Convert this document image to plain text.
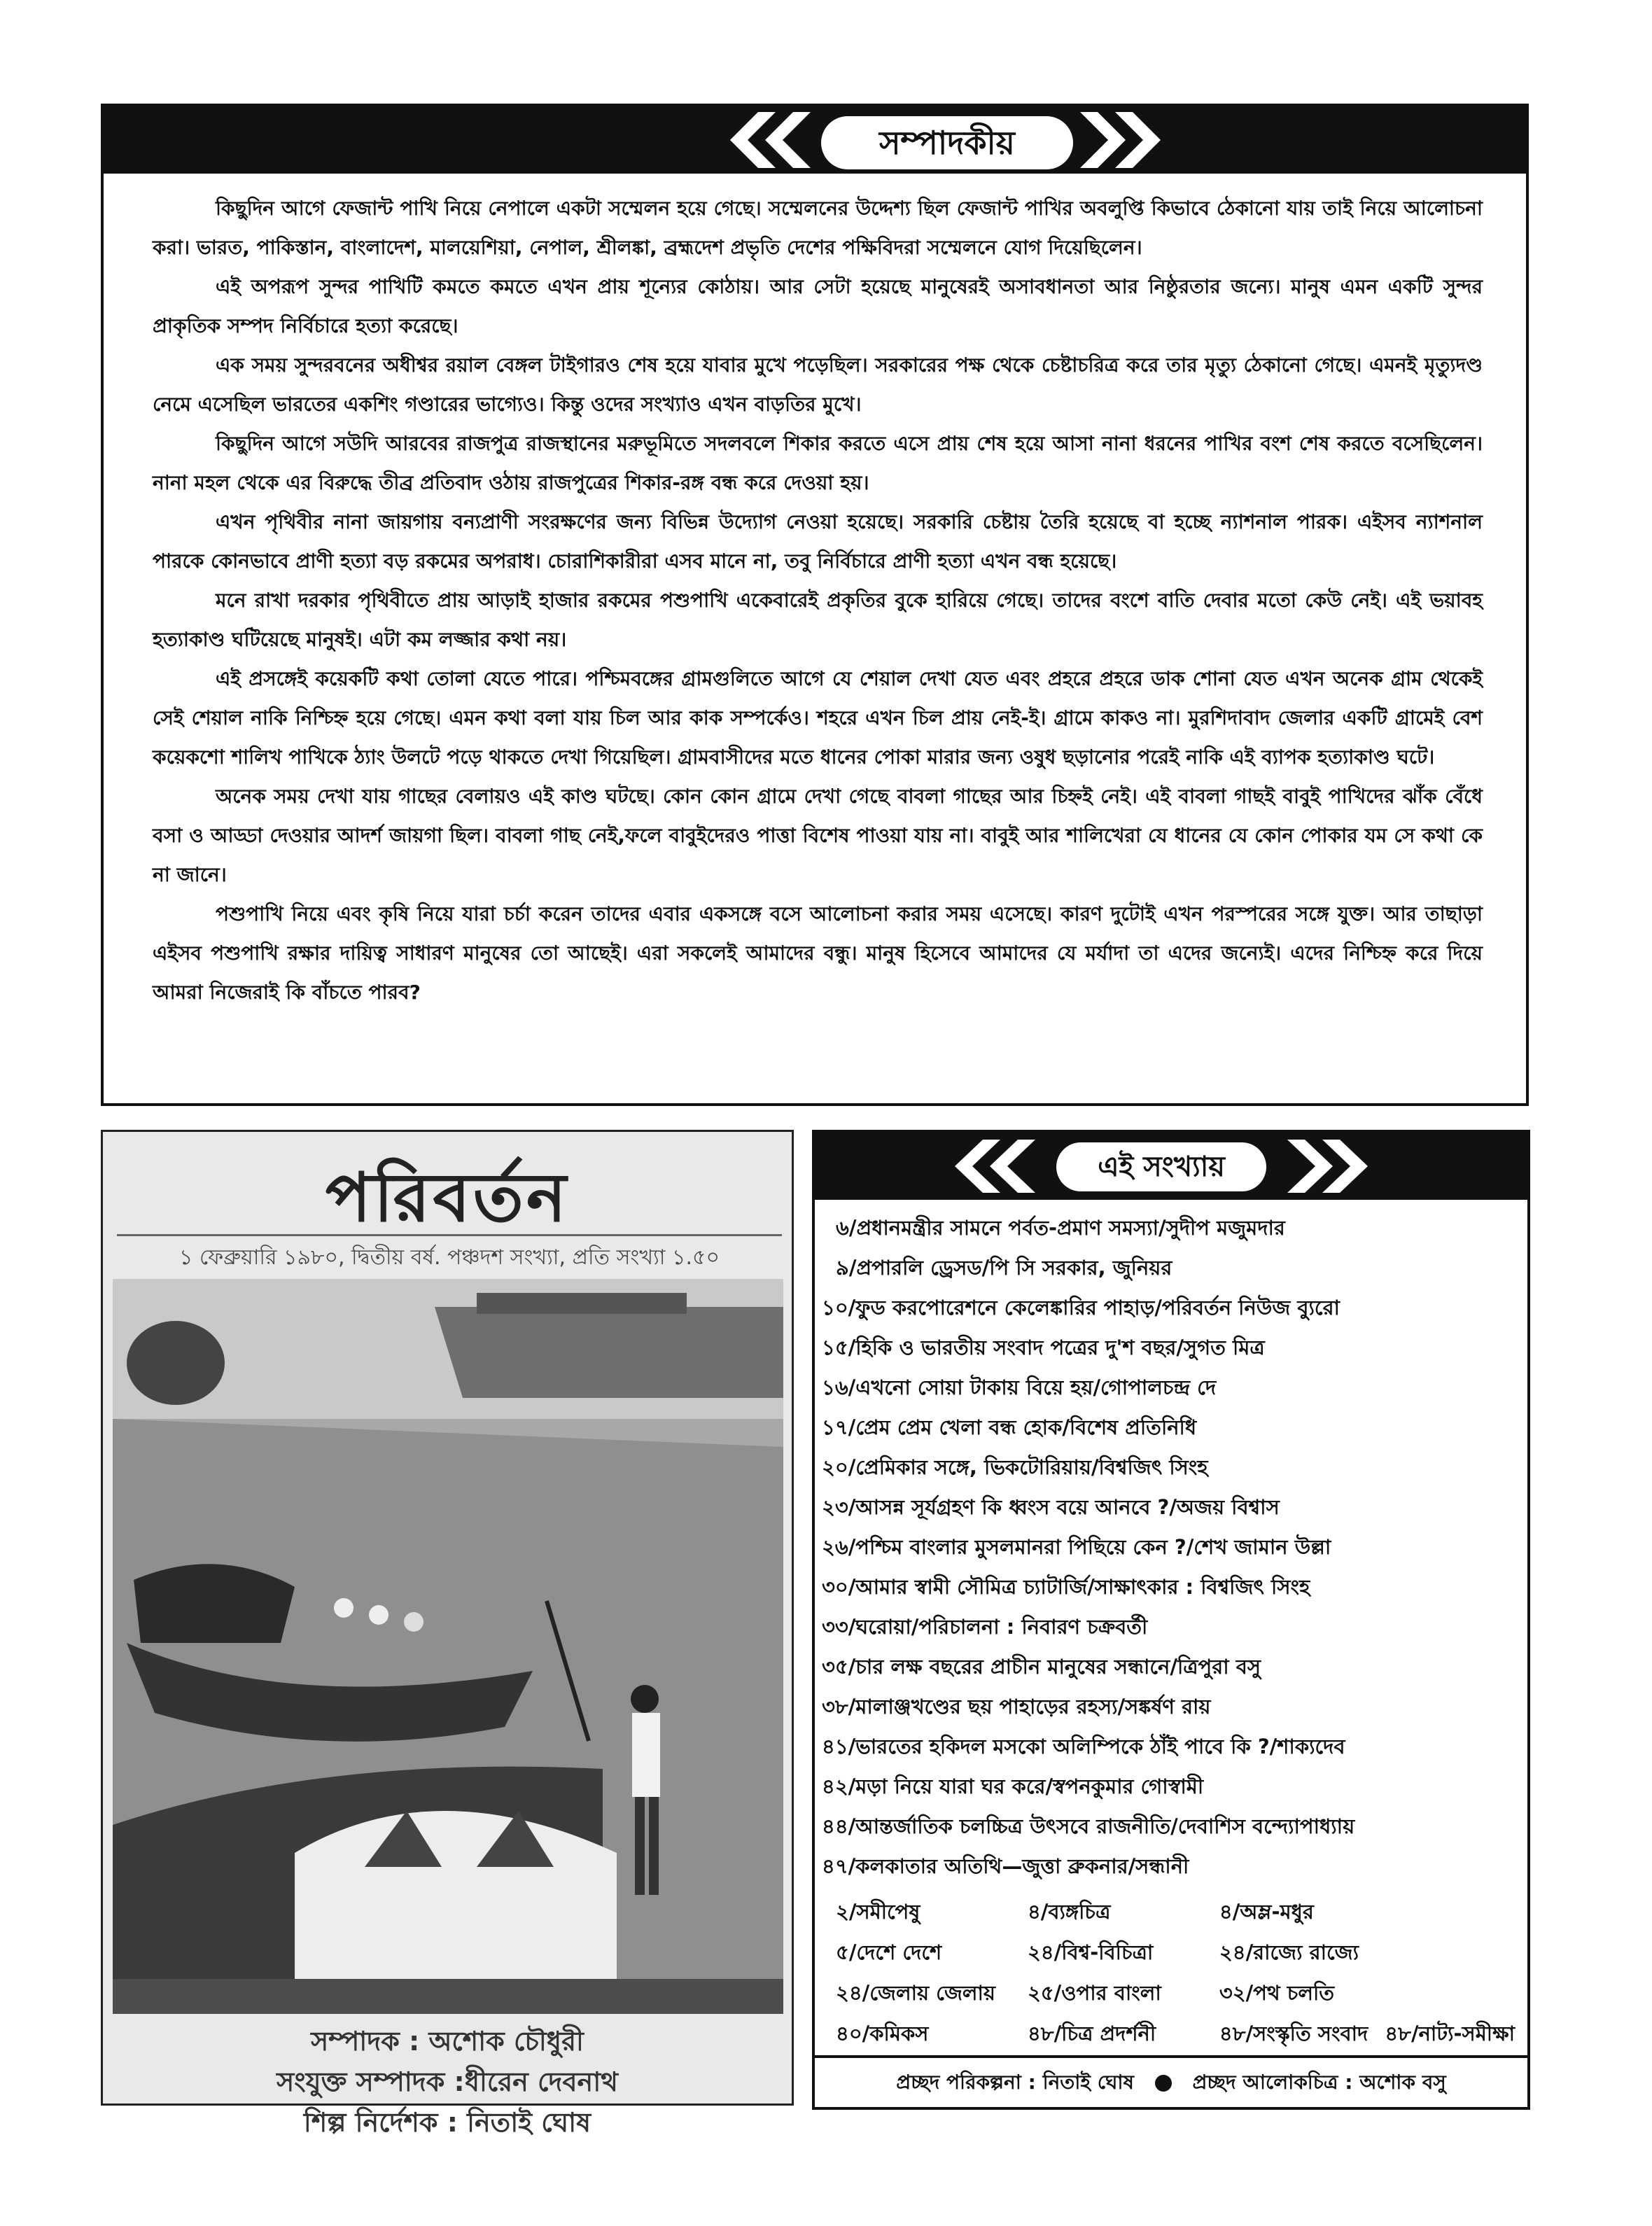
সম্পাদকীয়

কিছুদিন আগে ফেজান্ট পাখি নিয়ে নেপালে একটা সম্মেলন হয়ে গেছে। সম্মেলনের উদ্দেশ্য ছিল ফেজান্ট পাখির অবলুপ্তি কিভাবে ঠেকানো যায় তাই নিয়ে আলোচনা করা। ভারত, পাকিস্তান, বাংলাদেশ, মালয়েশিয়া, নেপাল, শ্রীলঙ্কা, ব্রহ্মদেশ প্রভৃতি দেশের পক্ষিবিদরা সম্মেলনে যোগ দিয়েছিলেন।

এই অপরূপ সুন্দর পাখিটি কমতে কমতে এখন প্রায় শূন্যের কোঠায়। আর সেটা হয়েছে মানুষেরই অসাবধানতা আর নিষ্ঠুরতার জন্যে। মানুষ এমন একটি সুন্দর প্রাকৃতিক সম্পদ নির্বিচারে হত্যা করেছে।

এক সময় সুন্দরবনের অধীশ্বর রয়াল বেঙ্গল টাইগারও শেষ হয়ে যাবার মুখে পড়েছিল। সরকারের পক্ষ থেকে চেষ্টাচরিত্র করে তার মৃত্যু ঠেকানো গেছে। এমনই মৃত্যুদণ্ড নেমে এসেছিল ভারতের একশিং গণ্ডারের ভাগ্যেও। কিন্তু ওদের সংখ্যাও এখন বাড়তির মুখে।

কিছুদিন আগে সউদি আরবের রাজপুত্র রাজস্থানের মরুভূমিতে সদলবলে শিকার করতে এসে প্রায় শেষ হয়ে আসা নানা ধরনের পাখির বংশ শেষ করতে বসেছিলেন। নানা মহল থেকে এর বিরুদ্ধে তীব্র প্রতিবাদ ওঠায় রাজপুত্রের শিকার-রঙ্গ বন্ধ করে দেওয়া হয়।

এখন পৃথিবীর নানা জায়গায় বন্যপ্রাণী সংরক্ষণের জন্য বিভিন্ন উদ্যোগ নেওয়া হয়েছে। সরকারি চেষ্টায় তৈরি হয়েছে বা হচ্ছে ন্যাশনাল পারক। এইসব ন্যাশনাল পারকে কোনভাবে প্রাণী হত্যা বড় রকমের অপরাধ। চোরাশিকারীরা এসব মানে না, তবু নির্বিচারে প্রাণী হত্যা এখন বন্ধ হয়েছে।

মনে রাখা দরকার পৃথিবীতে প্রায় আড়াই হাজার রকমের পশুপাখি একেবারেই প্রকৃতির বুকে হারিয়ে গেছে। তাদের বংশে বাতি দেবার মতো কেউ নেই। এই ভয়াবহ হত্যাকাণ্ড ঘটিয়েছে মানুষই। এটা কম লজ্জার কথা নয়।

এই প্রসঙ্গেই কয়েকটি কথা তোলা যেতে পারে। পশ্চিমবঙ্গের গ্রামগুলিতে আগে যে শেয়াল দেখা যেত এবং প্রহরে প্রহরে ডাক শোনা যেত এখন অনেক গ্রাম থেকেই সেই শেয়াল নাকি নিশ্চিহ্ন হয়ে গেছে। এমন কথা বলা যায় চিল আর কাক সম্পর্কেও। শহরে এখন চিল প্রায় নেই-ই। গ্রামে কাকও না। মুরশিদাবাদ জেলার একটি গ্রামেই বেশ কয়েকশো শালিখ পাখিকে ঠ্যাং উলটে পড়ে থাকতে দেখা গিয়েছিল। গ্রামবাসীদের মতে ধানের পোকা মারার জন্য ওষুধ ছড়ানোর পরেই নাকি এই ব্যাপক হত্যাকাণ্ড ঘটে।

অনেক সময় দেখা যায় গাছের বেলায়ও এই কাণ্ড ঘটছে। কোন কোন গ্রামে দেখা গেছে বাবলা গাছের আর চিহ্নই নেই। এই বাবলা গাছই বাবুই পাখিদের ঝাঁক বেঁধে বসা ও আড্ডা দেওয়ার আদর্শ জায়গা ছিল। বাবলা গাছ নেই,ফলে বাবুইদেরও পাত্তা বিশেষ পাওয়া যায় না। বাবুই আর শালিখেরা যে ধানের যে কোন পোকার যম সে কথা কে না জানে।

পশুপাখি নিয়ে এবং কৃষি নিয়ে যারা চর্চা করেন তাদের এবার একসঙ্গে বসে আলোচনা করার সময় এসেছে। কারণ দুটোই এখন পরস্পরের সঙ্গে যুক্ত। আর তাছাড়া এইসব পশুপাখি রক্ষার দায়িত্ব সাধারণ মানুষের তো আছেই। এরা সকলেই আমাদের বন্ধু। মানুষ হিসেবে আমাদের যে মর্যাদা তা এদের জন্যেই। এদের নিশ্চিহ্ন করে দিয়ে আমরা নিজেরাই কি বাঁচতে পারব?

পরিবর্তন
১ ফেব্রুয়ারি ১৯৮০, দ্বিতীয় বর্ষ. পঞ্চদশ সংখ্যা, প্রতি সংখ্যা ১.৫০
সম্পাদক : অশোক চৌধুরী
সংযুক্ত সম্পাদক :ধীরেন দেবনাথ
শিল্প নির্দেশক : নিতাই ঘোষ
এই সংখ্যায়
৬/প্রধানমন্ত্রীর সামনে পর্বত-প্রমাণ সমস্যা/সুদীপ মজুমদার
৯/প্রপারলি ড্রেসড/পি সি সরকার, জুনিয়র
১০/ফুড করপোরেশনে কেলেঙ্কারির পাহাড়/পরিবর্তন নিউজ ব্যুরো
১৫/হিকি ও ভারতীয় সংবাদ পত্রের দু'শ বছর/সুগত মিত্র
১৬/এখনো সোয়া টাকায় বিয়ে হয়/গোপালচন্দ্র দে
১৭/প্রেম প্রেম খেলা বন্ধ হোক/বিশেষ প্রতিনিধি
২০/প্রেমিকার সঙ্গে, ভিকটোরিয়ায়/বিশ্বজিৎ সিংহ
২৩/আসন্ন সূর্যগ্রহণ কি ধ্বংস বয়ে আনবে ?/অজয় বিশ্বাস
২৬/পশ্চিম বাংলার মুসলমানরা পিছিয়ে কেন ?/শেখ জামান উল্লা
৩০/আমার স্বামী সৌমিত্র চ্যাটার্জি/সাক্ষাৎকার : বিশ্বজিৎ সিংহ
৩৩/ঘরোয়া/পরিচালনা : নিবারণ চক্রবর্তী
৩৫/চার লক্ষ বছরের প্রাচীন মানুষের সন্ধানে/ত্রিপুরা বসু
৩৮/মালাঞ্জখণ্ডের ছয় পাহাড়ের রহস্য/সঙ্কর্ষণ রায়
৪১/ভারতের হকিদল মসকো অলিম্পিকে ঠাঁই পাবে কি ?/শাক্যদেব
৪২/মড়া নিয়ে যারা ঘর করে/স্বপনকুমার গোস্বামী
৪৪/আন্তর্জাতিক চলচ্চিত্র উৎসবে রাজনীতি/দেবাশিস বন্দ্যোপাধ্যায়
৪৭/কলকাতার অতিথি—জুত্তা ব্রুকনার/সন্ধানী
২/সমীপেষু	৪/ব্যঙ্গচিত্র	৪/অম্ল-মধুর
৫/দেশে দেশে	২৪/বিশ্ব-বিচিত্রা	২৪/রাজ্যে রাজ্যে
২৪/জেলায় জেলায়	২৫/ওপার বাংলা	৩২/পথ চলতি
৪০/কমিকস	৪৮/চিত্র প্রদর্শনী	৪৮/সংস্কৃতি সংবাদ ৪৮/নাট্য-সমীক্ষা
প্রচ্ছদ পরিকল্পনা : নিতাই ঘোষ	প্রচ্ছদ আলোকচিত্র : অশোক বসু
